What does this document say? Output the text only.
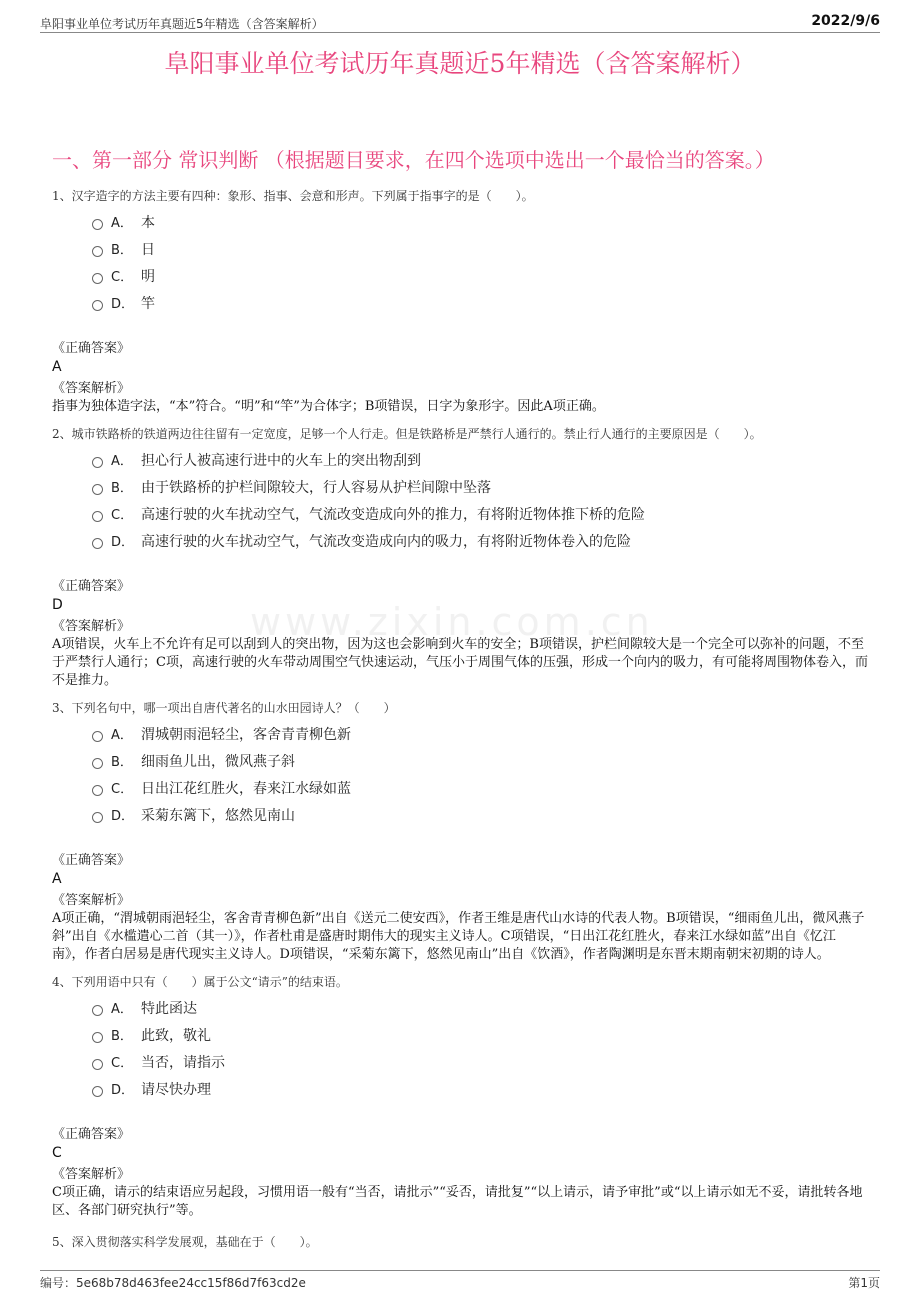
阜阳事业单位考试历年真题近5年精选（含答案解析）	2022/9/6
阜阳事业单位考试历年真题近5年精选（含答案解析）
一、第一部分 常识判断 （根据题目要求，在四个选项中选出一个最恰当的答案。）
www.zixin.com.cn
1、汉字造字的方法主要有四种：象形、指事、会意和形声。下列属于指事字的是（　　）。
A． 本
B． 日
C． 明
D． 竿
《正确答案》
A
《答案解析》
指事为独体造字法，“本”符合。“明”和“竿”为合体字；B项错误，日字为象形字。因此A项正确。
2、城市铁路桥的铁道两边往往留有一定宽度，足够一个人行走。但是铁路桥是严禁行人通行的。禁止行人通行的主要原因是（　　）。
A． 担心行人被高速行进中的火车上的突出物刮到
B． 由于铁路桥的护栏间隙较大，行人容易从护栏间隙中坠落
C． 高速行驶的火车扰动空气，气流改变造成向外的推力，有将附近物体推下桥的危险
D． 高速行驶的火车扰动空气，气流改变造成向内的吸力，有将附近物体卷入的危险
《正确答案》
D
《答案解析》
A项错误，火车上不允许有足可以刮到人的突出物，因为这也会影响到火车的安全；B项错误，护栏间隙较大是一个完全可以弥补的问题，不至于严禁行人通行；C项，高速行驶的火车带动周围空气快速运动，气压小于周围气体的压强，形成一个向内的吸力，有可能将周围物体卷入，而不是推力。
3、下列名句中，哪一项出自唐代著名的山水田园诗人？（　　）
A． 渭城朝雨浥轻尘，客舍青青柳色新
B． 细雨鱼儿出，微风燕子斜
C． 日出江花红胜火，春来江水绿如蓝
D． 采菊东篱下，悠然见南山
《正确答案》
A
《答案解析》
A项正确，“渭城朝雨浥轻尘，客舍青青柳色新”出自《送元二使安西》，作者王维是唐代山水诗的代表人物。B项错误，“细雨鱼儿出，微风燕子斜”出自《水槛遣心二首（其一）》，作者杜甫是盛唐时期伟大的现实主义诗人。C项错误，“日出江花红胜火，春来江水绿如蓝”出自《忆江南》，作者白居易是唐代现实主义诗人。D项错误，“采菊东篱下，悠然见南山”出自《饮酒》，作者陶渊明是东晋末期南朝宋初期的诗人。
4、下列用语中只有（　　）属于公文“请示”的结束语。
A． 特此函达
B． 此致，敬礼
C． 当否，请指示
D． 请尽快办理
《正确答案》
C
《答案解析》
C项正确，请示的结束语应另起段，习惯用语一般有“当否，请批示”“妥否，请批复”“以上请示，请予审批”或“以上请示如无不妥，请批转各地区、各部门研究执行”等。
5、深入贯彻落实科学发展观，基础在于（　　）。
编号：5e68b78d463fee24cc15f86d7f63cd2e	第1页
